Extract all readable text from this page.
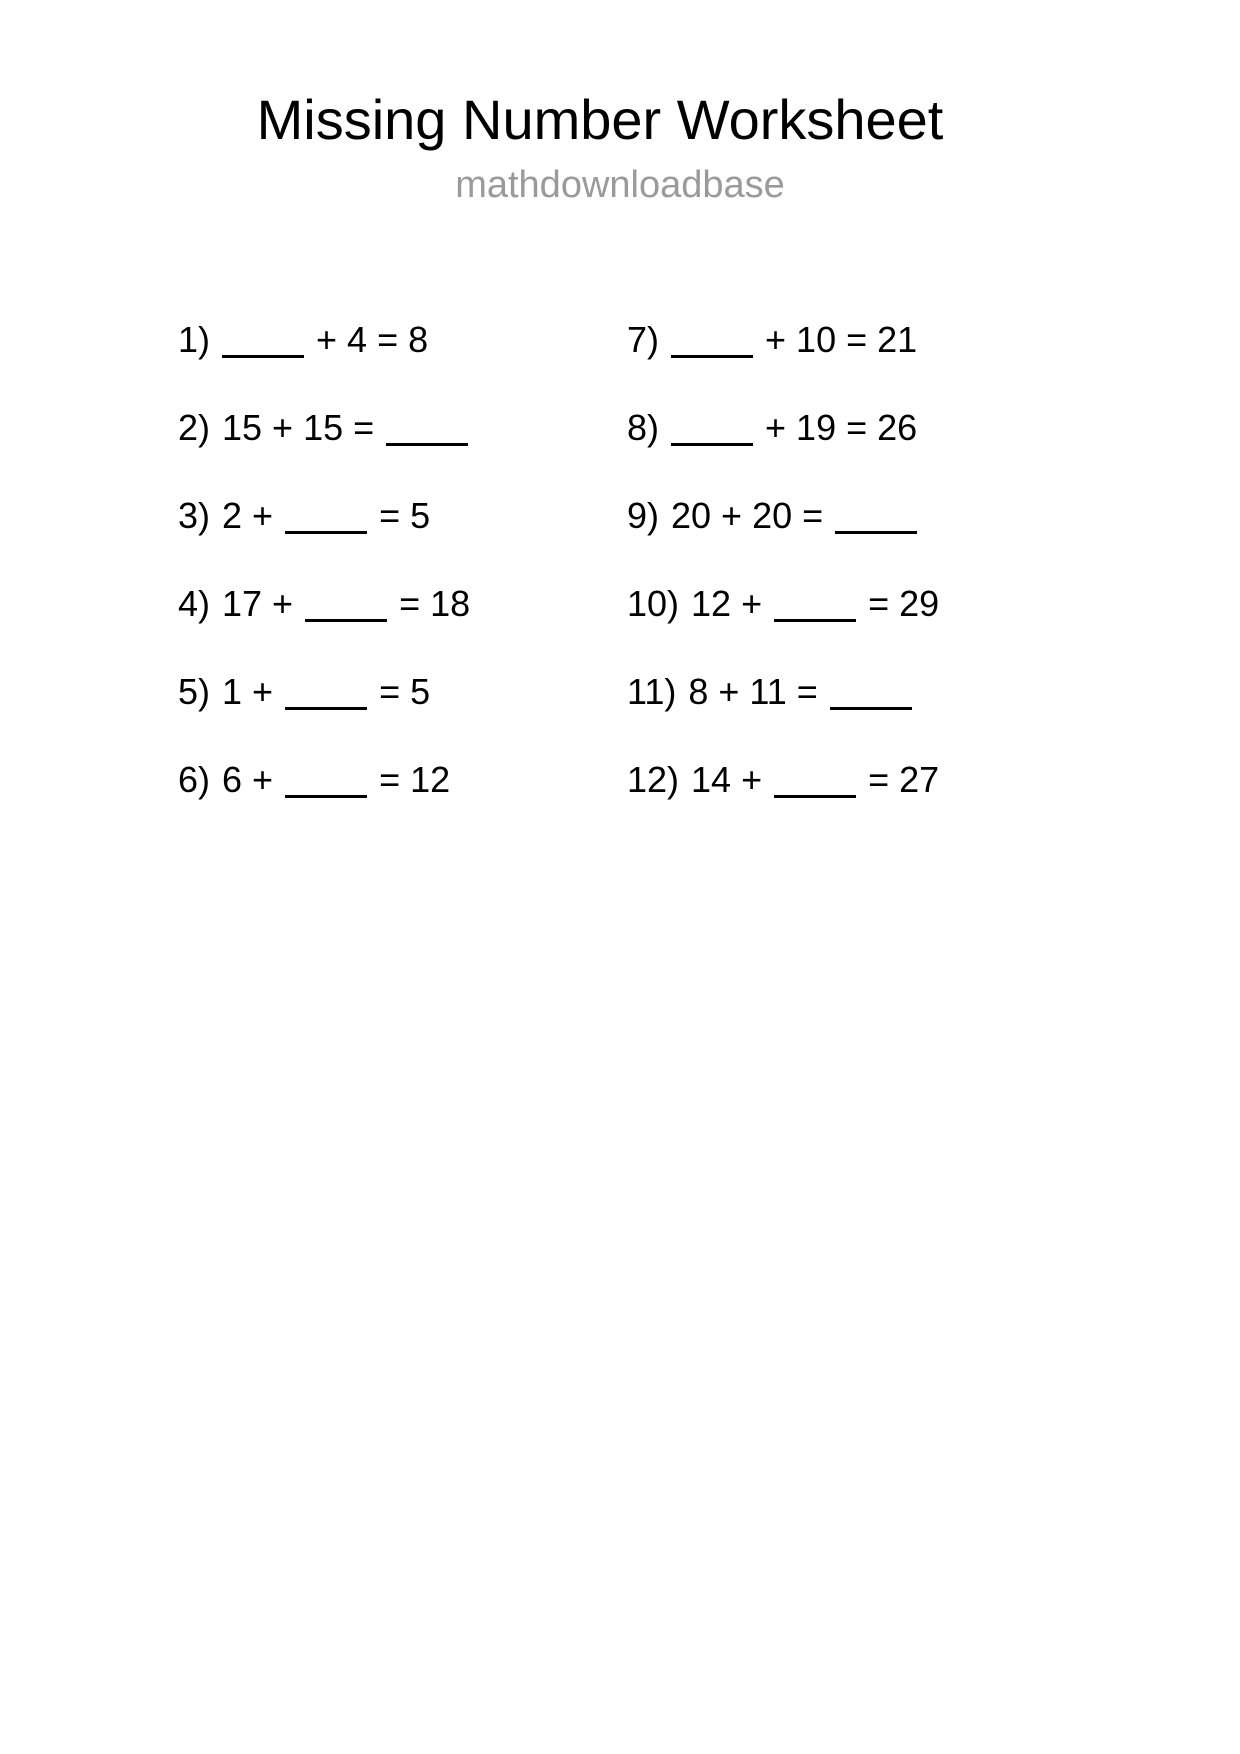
Missing Number Worksheet
mathdownloadbase
1)	+ 4 = 8
2) 15 + 15 =
3) 2 +	= 5
4) 17 +	= 18
5) 1 +	= 5
6) 6 +	= 12
7)	+ 10 = 21
8)	+ 19 = 26
9) 20 + 20 =
10) 12 +	= 29
11) 8 + 11 =
12) 14 +	= 27
